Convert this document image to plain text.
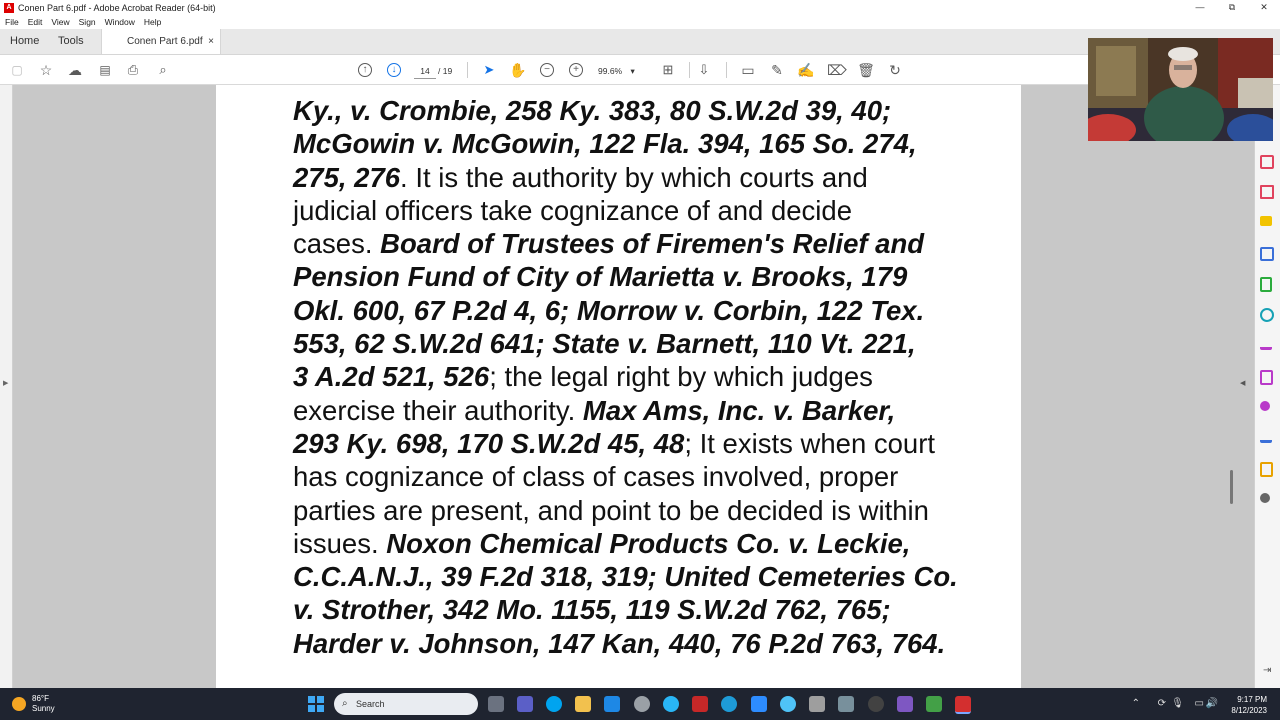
A Conen Part 6.pdf - Adobe Acrobat Reader (64-bit)	—	⧉	✕
File Edit View Sign Window Help
Home Tools	Conen Part 6.pdf ×
▢ ☆ ☁ ▤ ⎙	⌕	↑	↓	14 / 19 ➤ ✋	−	+	99.6% ▾	⊞ ⇩ ▭ ✎ ✍ ⌦ 🗑 ↻
▶
Ky., v. Crombie, 258 Ky. 383, 80 S.W.2d 39, 40;
McGowin v. McGowin, 122 Fla. 394, 165 So. 274,
275, 276. It is the authority by which courts and
judicial officers take cognizance of and decide
cases. Board of Trustees of Firemen's Relief and
Pension Fund of City of Marietta v. Brooks, 179
Okl. 600, 67 P.2d 4, 6; Morrow v. Corbin, 122 Tex.
553, 62 S.W.2d 641; State v. Barnett, 110 Vt. 221,
3 A.2d 521, 526; the legal right by which judges
exercise their authority. Max Ams, Inc. v. Barker,
293 Ky. 698, 170 S.W.2d 45, 48; It exists when court
has cognizance of class of cases involved, proper
parties are present, and point to be decided is within
issues. Noxon Chemical Products Co. v. Leckie,
C.C.A.N.J., 39 F.2d 318, 319; United Cemeteries Co.
v. Strother, 342 Mo. 1155, 119 S.W.2d 762, 765;
Harder v. Johnson, 147 Kan, 440, 76 P.2d 763, 764.
◀
⇥
86°F
Sunny	⌕ Search	⌃ ⟳ 🎙 ▭ 🔊	9:17 PM
8/12/2023
